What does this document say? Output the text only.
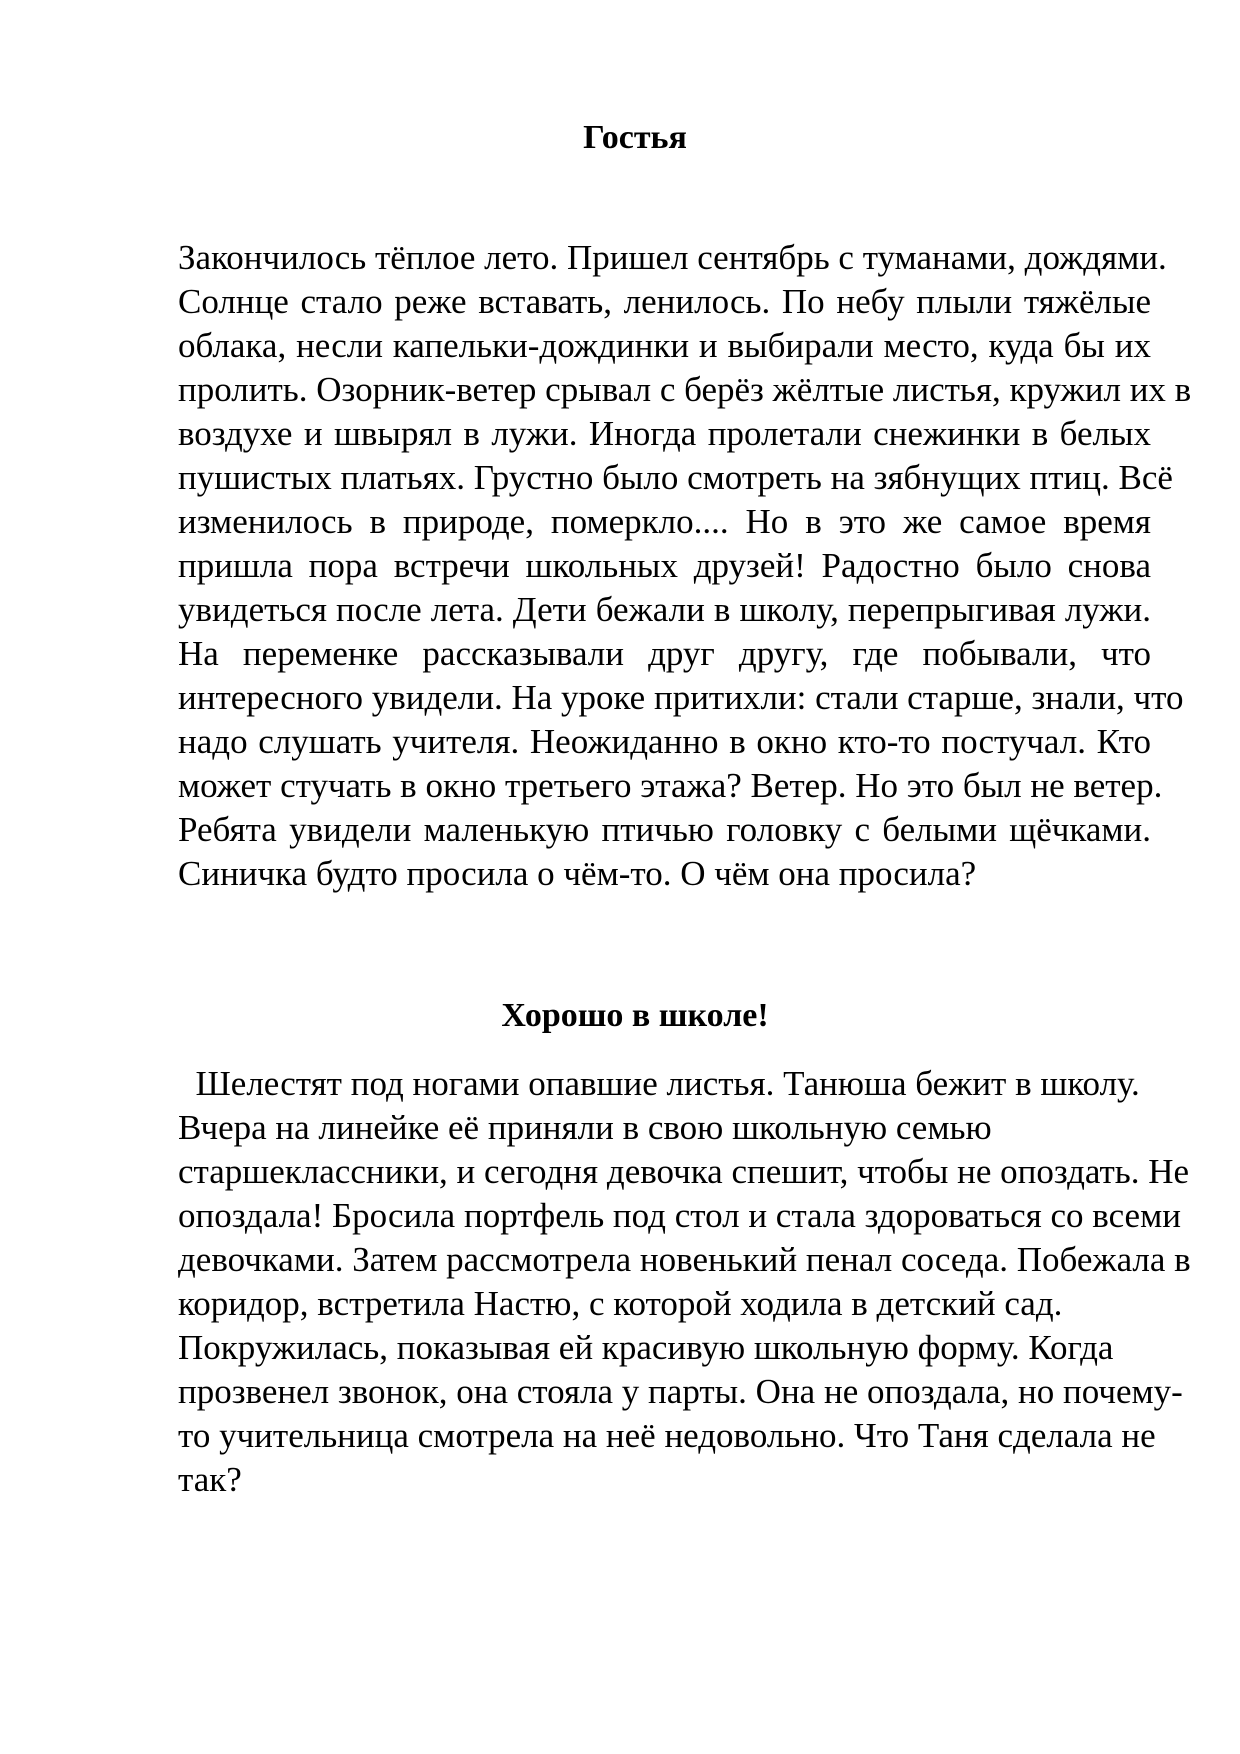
Гостья

Закончилось тёплое лето. Пришел сентябрь с туманами, дождями.

Солнце стало реже вставать, ленилось. По небу плыли тяжёлые

облака, несли капельки-дождинки и выбирали место, куда бы их

пролить. Озорник-ветер срывал с берёз жёлтые листья, кружил их в

воздухе и швырял в лужи. Иногда пролетали снежинки в белых

пушистых платьях. Грустно было смотреть на зябнущих птиц. Всё

изменилось в природе, померкло.... Но в это же самое время

пришла пора встречи школьных друзей! Радостно было снова

увидеться после лета. Дети бежали в школу, перепрыгивая лужи.

На переменке рассказывали друг другу, где побывали, что

интересного увидели. На уроке притихли: стали старше, знали, что

надо слушать учителя. Неожиданно в окно кто-то постучал. Кто

может стучать в окно третьего этажа? Ветер. Но это был не ветер.

Ребята увидели маленькую птичью головку с белыми щёчками.

Синичка будто просила о чём-то. О чём она просила?

Хорошо в школе!

Шелестят под ногами опавшие листья. Танюша бежит в школу.

Вчера на линейке её приняли в свою школьную семью

старшеклассники, и сегодня девочка спешит, чтобы не опоздать. Не

опоздала! Бросила портфель под стол и стала здороваться со всеми

девочками. Затем рассмотрела новенький пенал соседа. Побежала в

коридор, встретила Настю, с которой ходила в детский сад.

Покружилась, показывая ей красивую школьную форму. Когда

прозвенел звонок, она стояла у парты. Она не опоздала, но почему-

то учительница смотрела на неё недовольно. Что Таня сделала не

так?
